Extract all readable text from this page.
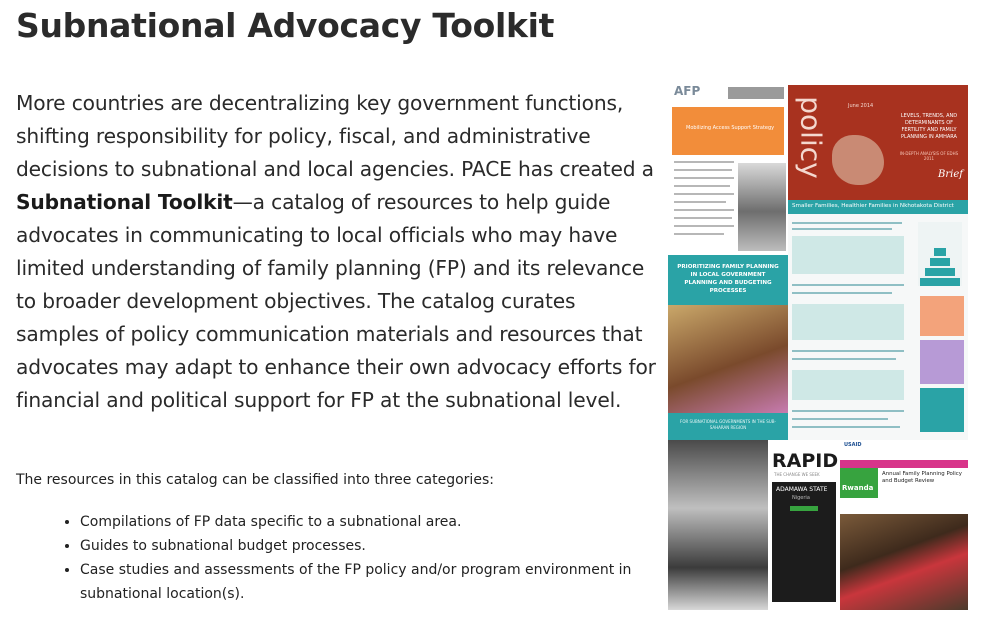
Subnational Advocacy Toolkit

More countries are decentralizing key government functions, shifting responsibility for policy, fiscal, and administrative decisions to subnational and local agencies. PACE has created a Subnational Toolkit—a catalog of resources to help guide advocates in communicating to local officials who may have limited understanding of family planning (FP) and its relevance to broader development objectives. The catalog curates samples of policy communication materials and resources that advocates may adapt to enhance their own advocacy efforts for financial and political support for FP at the subnational level.

The resources in this catalog can be classified into three categories:

• Compilations of FP data specific to a subnational area.
• Guides to subnational budget processes.
• Case studies and assessments of the FP policy and/or program environment in subnational location(s).
AFP
Mobilizing Access Support Strategy policy	June 2014
LEVELS, TRENDS, AND DETERMINANTS OF FERTILITY AND FAMILY PLANNING IN AMHARA
IN-DEPTH ANALYSIS OF EDHS 2011
Brief
Smaller Families, Healthier Families in Nkhotakota District
PRIORITIZING FAMILY PLANNING IN LOCAL GOVERNMENT PLANNING AND BUDGETING PROCESSES
FOR SUBNATIONAL GOVERNMENTS IN THE SUB-SAHARAN REGION
RAPID
THE CHANGE WE SEEK
ADAMAWA STATE
Nigeria
USAID
Rwanda
Annual Family Planning Policy and Budget Review
